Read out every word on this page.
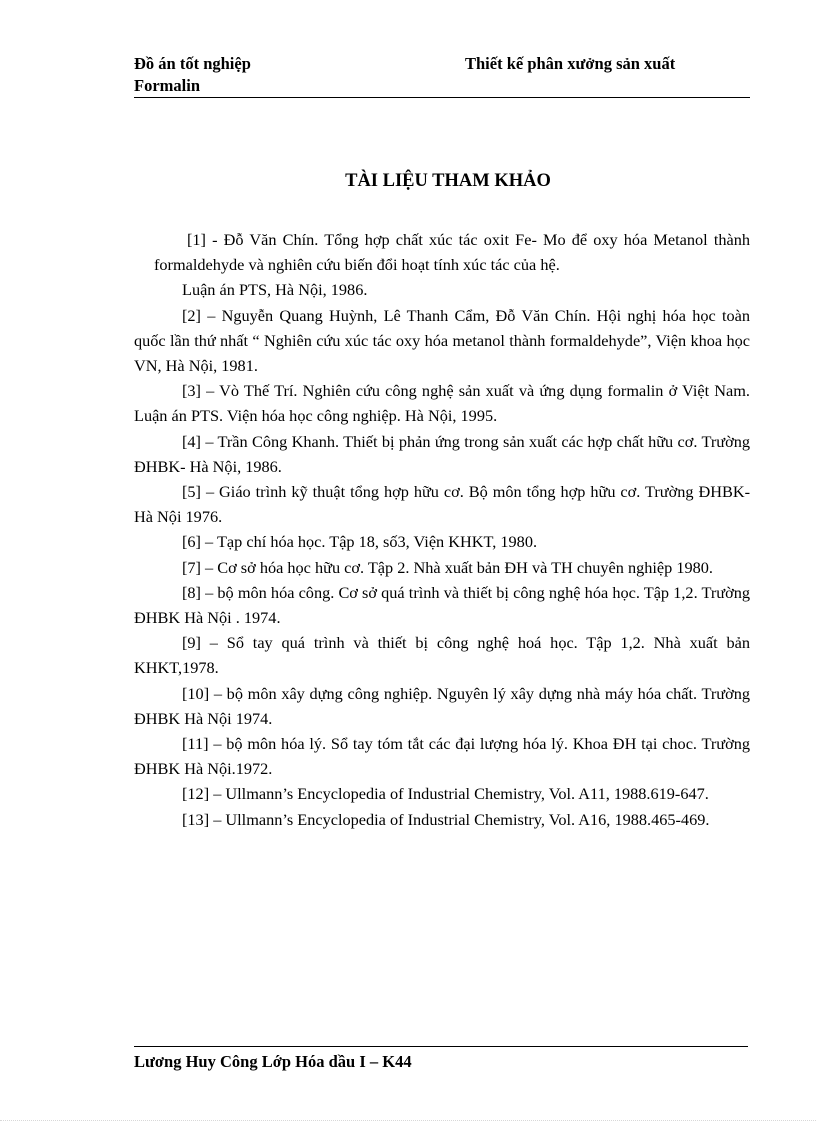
Đồ án tốt nghiệp	Thiết kế phân xưởng sản xuất
Formalin
TÀI LIỆU THAM KHẢO

[1] - Đỗ Văn Chín. Tổng hợp chất xúc tác oxit Fe- Mo để oxy hóa Metanol thành formaldehyde và nghiên cứu biến đổi hoạt tính xúc tác của hệ.

Luận án PTS, Hà Nội, 1986.

[2] – Nguyễn Quang Huỳnh, Lê Thanh Cẩm, Đỗ Văn Chín. Hội nghị hóa học toàn quốc lần thứ nhất “ Nghiên cứu xúc tác oxy hóa metanol thành formaldehyde”, Viện khoa học VN, Hà Nội, 1981.

[3] – Vò Thế Trí. Nghiên cứu công nghệ sản xuất và ứng dụng formalin ở Việt Nam. Luận án PTS. Viện hóa học công nghiệp. Hà Nội, 1995.

[4] – Trần Công Khanh. Thiết bị phản ứng trong sản xuất các hợp chất hữu cơ. Trường ĐHBK- Hà Nội, 1986.

[5] – Giáo trình kỹ thuật tổng hợp hữu cơ. Bộ môn tổng hợp hữu cơ. Trường ĐHBK- Hà Nội 1976.

[6] – Tạp chí hóa học. Tập 18, số3, Viện KHKT, 1980.

[7] – Cơ sở hóa học hữu cơ. Tập 2. Nhà xuất bản ĐH và TH chuyên nghiệp 1980.

[8] – bộ môn hóa công. Cơ sở quá trình và thiết bị công nghệ hóa học. Tập 1,2. Trường ĐHBK Hà Nội . 1974.

[9] – Sổ tay quá trình và thiết bị công nghệ hoá học. Tập 1,2. Nhà xuất bản KHKT,1978.

[10] – bộ môn xây dựng công nghiệp. Nguyên lý xây dựng nhà máy hóa chất. Trường ĐHBK Hà Nội 1974.

[11] – bộ môn hóa lý. Sổ tay tóm tắt các đại lượng hóa lý. Khoa ĐH tại choc. Trường ĐHBK Hà Nội.1972.

[12] – Ullmann’s Encyclopedia of Industrial Chemistry, Vol. A11, 1988.619-647.

[13] – Ullmann’s Encyclopedia of Industrial Chemistry, Vol. A16, 1988.465-469.

Lương Huy Công Lớp Hóa dầu I – K44
